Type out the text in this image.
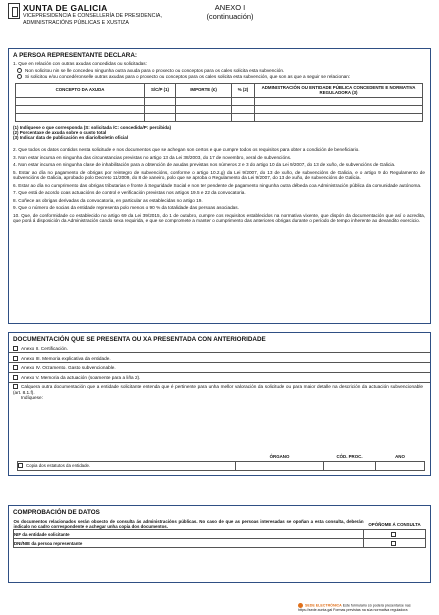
XUNTA DE GALICIA
VICEPRESIDENCIA E CONSELLERÍA DE PRESIDENCIA, ADMINISTRACIÓNS PÚBLICAS E XUSTIZA
ANEXO I
(continuación)
A PERSOA REPRESENTANTE DECLARA:
1. Que en relación con outras axudas concedidas ou solicitadas:
Non solicitou nin se lle concedeu ningunha outra axuda para o proxecto ou conceptos para os cales solicita esta subvención.
Si solicitou e/ou concedéronselle outras axudas para o proxecto ou conceptos para os cales solicita esta subvención, que son as que a seguir se relacionan:
CONCEPTO DA AXUDA	S/C/P (1)	IMPORTE (€)	% (2)	ADMINISTRACIÓN OU ENTIDADE PÚBLICA CONCEDENTE E NORMATIVA REGULADORA (3)

(1) Indíquese o que corresponda (S: solicitada /C: concedida/P: percibida)
(2) Porcentaxe de axuda sobre o custo total
(3) Indicar data de publicación en diario/boletín oficial
2. Que todos os datos contidos nesta solicitude e nos documentos que se achegan son certos e que cumpre todos os requisitos para obter a condición de beneficiario.
3. Non estar incursa en ningunha das circunstancias previstas no artigo 13 da Lei 38/2003, do 17 de novembro, xeral de subvencións.
4. Non estar incursa en ningunha clase de inhabilitación para a obtención de axudas previstas nos números 2 e 3 do artigo 10 da Lei 9/2007, do 13 de xuño, de subvencións de Galicia.
5. Estar ao día no pagamento de obrigas por reintegro de subvencións, conforme o artigo 10.2.g) da Lei 9/2007, do 13 de xuño, de subvencións de Galicia, e o artigo 9 do Regulamento de subvencións de Galicia, aprobado polo Decreto 11/2009, do 8 de xaneiro, polo que se aproba o Regulamento da Lei 9/2007, do 13 de xuño, de subvencións de Galicia.
6. Estar ao día no cumprimento das obrigas tributarias e fronte á Seguridade Social e non ter pendente de pagamento ningunha outra débeda coa Administración pública da comunidade autónoma.
7. Que está de acordo coas actuacións de control e verificación previstas nos artigos 19.5 e 22 da convocatoria.
8. Coñece as obrigas derivadas da convocatoria, en particular as establecidas no artigo 19.
9. Que o número de socias da entidade representa polo menos o 90 % da totalidade das persoas asociadas.
10. Que, de conformidade co establecido no artigo 69 da Lei 39/2015, do 1 de outubro, cumpre cos requisitos establecidos na normativa vixente, que dispón da documentación que así o acredita, que porá á disposición da Administración cando sexa requirida, e que se compromete a manter o cumprimento das anteriores obrigas durante o período de tempo inherente ao devandito exercicio.
DOCUMENTACIÓN QUE SE PRESENTA OU XA PRESENTADA CON ANTERIORIDADE
Anexo II. Certificación.
Anexo III. Memoria explicativa da entidade.
Anexo IV. Orzamento. Gasto subvencionable.
Anexo V. Memoria da actuación (soamente para a liña 2).
Calquera outra documentación que a entidade solicitante entenda que é pertinente para unha mellor valoración da solicitude ou para maior detalle na descrición da actuación subvencionable (art. 8.1.f).
Indíquese:
	ÓRGANO	CÓD. PROC.	ANO
Copia dos estatutos da entidade.			
COMPROBACIÓN DE DATOS
Os documentos relacionados serán obxecto de consulta ás administracións públicas. No caso de que as persoas interesadas se opoñan a esta consulta, deberán indicalo no cadro correspondente e achegar unha copia dos documentos.	OPÓÑOME Á CONSULTA
NIF da entidade solicitante	
DNI/NIE da persoa representante	
SEDE ELECTRÓNICA Este formulario só poderá presentarse nas
https://sede.xunta.gal Formas previstas na súa normativa reguladora
